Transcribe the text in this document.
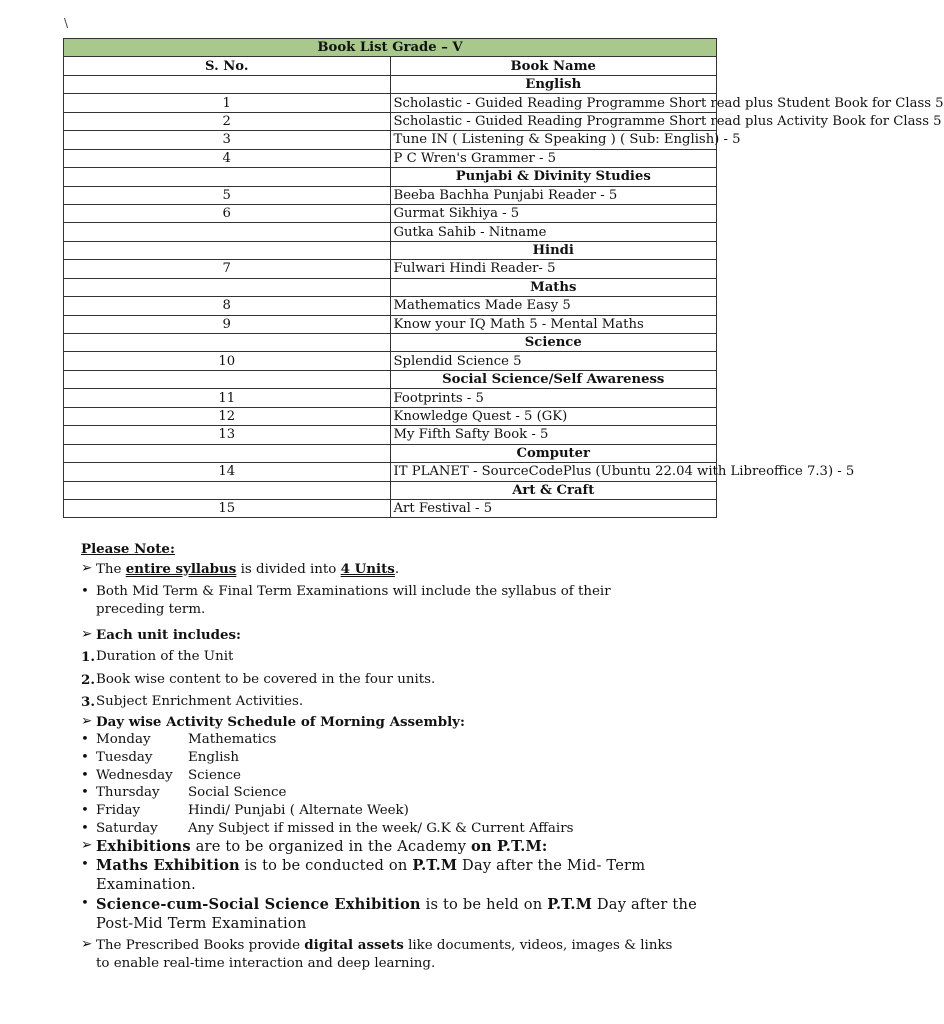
\
Book List Grade – V	
S. No.	Book Name
	English
1	Scholastic - Guided Reading Programme Short read plus Student Book for Class 5
2	Scholastic - Guided Reading Programme Short read plus Activity Book for Class 5
3	Tune IN ( Listening & Speaking ) ( Sub: English) - 5
4	P C Wren's Grammer - 5
	Punjabi & Divinity Studies
5	Beeba Bachha Punjabi Reader - 5
6	Gurmat Sikhiya - 5
	Gutka Sahib - Nitname
	Hindi
7	Fulwari Hindi Reader- 5
	Maths
8	Mathematics Made Easy 5
9	Know your IQ Math 5 - Mental Maths
	Science
10	Splendid Science 5
	Social Science/Self Awareness
11	Footprints - 5
12	Knowledge Quest - 5 (GK)
13	My Fifth Safty Book - 5
	Computer
14	IT PLANET - SourceCodePlus (Ubuntu 22.04 with Libreoffice 7.3) - 5
	Art & Craft
15	Art Festival - 5
Please Note:
➢ The entire syllabus is divided into 4 Units.
• Both Mid Term & Final Term Examinations will include the syllabus of their preceding term.
➢ Each unit includes:
1. Duration of the Unit
2. Book wise content to be covered in the four units.
3. Subject Enrichment Activities.
➢ Day wise Activity Schedule of Morning Assembly:
• Monday	Mathematics
• Tuesday	English
• Wednesday Science
• Thursday Social Science
• Friday	Hindi/ Punjabi ( Alternate Week)
• Saturday Any Subject if missed in the week/ G.K & Current Affairs
➢ Exhibitions are to be organized in the Academy on P.T.M:
• Maths Exhibition is to be conducted on P.T.M Day after the Mid- Term Examination.
• Science-cum-Social Science Exhibition is to be held on P.T.M Day after the Post-Mid Term Examination
➢ The Prescribed Books provide digital assets like documents, videos, images & links to enable real-time interaction and deep learning.
